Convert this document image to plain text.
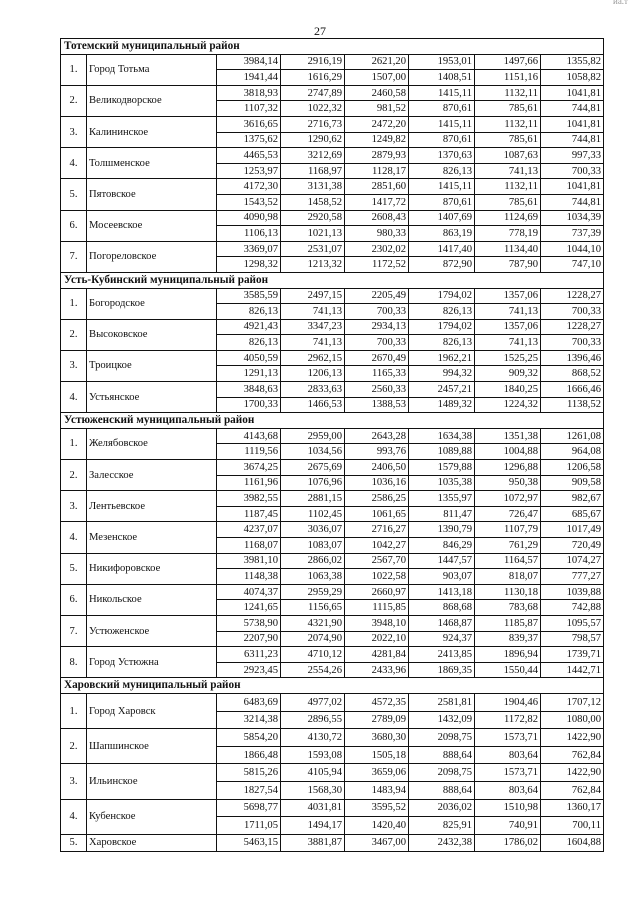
иа.т
27
Тотемский муниципальный район							
1.	Город Тотьма	3984,14	2916,19	2621,20	1953,01	1497,66	1355,82
		1941,44	1616,29	1507,00	1408,51	1151,16	1058,82
2.	Великодворское	3818,93	2747,89	2460,58	1415,11	1132,11	1041,81
		1107,32	1022,32	981,52	870,61	785,61	744,81
3.	Калининское	3616,65	2716,73	2472,20	1415,11	1132,11	1041,81
		1375,62	1290,62	1249,82	870,61	785,61	744,81
4.	Толшменское	4465,53	3212,69	2879,93	1370,63	1087,63	997,33
		1253,97	1168,97	1128,17	826,13	741,13	700,33
5.	Пятовское	4172,30	3131,38	2851,60	1415,11	1132,11	1041,81
		1543,52	1458,52	1417,72	870,61	785,61	744,81
6.	Мосеевское	4090,98	2920,58	2608,43	1407,69	1124,69	1034,39
		1106,13	1021,13	980,33	863,19	778,19	737,39
7.	Погореловское	3369,07	2531,07	2302,02	1417,40	1134,40	1044,10
		1298,32	1213,32	1172,52	872,90	787,90	747,10
Усть-Кубинский муниципальный район							
1.	Богородское	3585,59	2497,15	2205,49	1794,02	1357,06	1228,27
		826,13	741,13	700,33	826,13	741,13	700,33
2.	Высоковское	4921,43	3347,23	2934,13	1794,02	1357,06	1228,27
		826,13	741,13	700,33	826,13	741,13	700,33
3.	Троицкое	4050,59	2962,15	2670,49	1962,21	1525,25	1396,46
		1291,13	1206,13	1165,33	994,32	909,32	868,52
4.	Устьянское	3848,63	2833,63	2560,33	2457,21	1840,25	1666,46
		1700,33	1466,53	1388,53	1489,32	1224,32	1138,52
Устюженский муниципальный район							
1.	Желябовское	4143,68	2959,00	2643,28	1634,38	1351,38	1261,08
		1119,56	1034,56	993,76	1089,88	1004,88	964,08
2.	Залесское	3674,25	2675,69	2406,50	1579,88	1296,88	1206,58
		1161,96	1076,96	1036,16	1035,38	950,38	909,58
3.	Лентьевское	3982,55	2881,15	2586,25	1355,97	1072,97	982,67
		1187,45	1102,45	1061,65	811,47	726,47	685,67
4.	Мезенское	4237,07	3036,07	2716,27	1390,79	1107,79	1017,49
		1168,07	1083,07	1042,27	846,29	761,29	720,49
5.	Никифоровское	3981,10	2866,02	2567,70	1447,57	1164,57	1074,27
		1148,38	1063,38	1022,58	903,07	818,07	777,27
6.	Никольское	4074,37	2959,29	2660,97	1413,18	1130,18	1039,88
		1241,65	1156,65	1115,85	868,68	783,68	742,88
7.	Устюженское	5738,90	4321,90	3948,10	1468,87	1185,87	1095,57
		2207,90	2074,90	2022,10	924,37	839,37	798,57
8.	Город Устюжна	6311,23	4710,12	4281,84	2413,85	1896,94	1739,71
		2923,45	2554,26	2433,96	1869,35	1550,44	1442,71
Харовский муниципальный район							
1.	Город Харовск	6483,69	4977,02	4572,35	2581,81	1904,46	1707,12
		3214,38	2896,55	2789,09	1432,09	1172,82	1080,00
2.	Шапшинское	5854,20	4130,72	3680,30	2098,75	1573,71	1422,90
		1866,48	1593,08	1505,18	888,64	803,64	762,84
3.	Ильинское	5815,26	4105,94	3659,06	2098,75	1573,71	1422,90
		1827,54	1568,30	1483,94	888,64	803,64	762,84
4.	Кубенское	5698,77	4031,81	3595,52	2036,02	1510,98	1360,17
		1711,05	1494,17	1420,40	825,91	740,91	700,11
5.	Харовское	5463,15	3881,87	3467,00	2432,38	1786,02	1604,88
